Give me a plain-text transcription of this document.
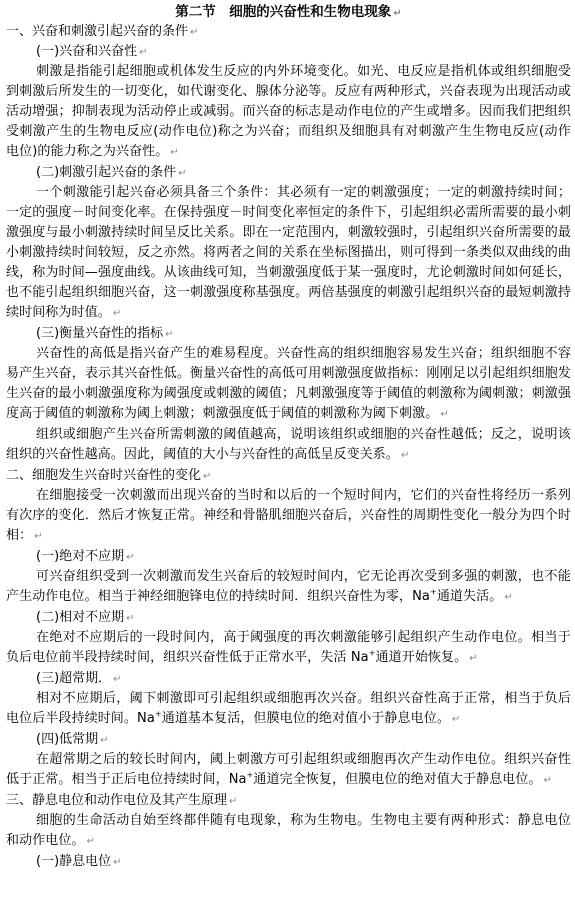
第二节　细胞的兴奋性和生物电现象 ↵
一、兴奋和刺激引起兴奋的条件 ↵
(一)兴奋和兴奋性 ↵

刺激是指能引起细胞或机体发生反应的内外环境变化。如光、电反应是指机体或组织细胞受到刺激后所发生的一切变化，如代谢变化、腺体分泌等。反应有两种形式，兴奋表现为出现活动或活动增强；抑制表现为活动停止或减弱。而兴奋的标志是动作电位的产生或增多。因而我们把组织受刺激产生的生物电反应(动作电位)称之为兴奋；而组织及细胞具有对刺激产生生物电反应(动作电位)的能力称之为兴奋性。 ↵

(二)刺激引起兴奋的条件 ↵

一个刺激能引起兴奋必须具备三个条件：其必须有一定的刺激强度；一定的刺激持续时间；一定的强度－时间变化率。在保持强度－时间变化率恒定的条件下，引起组织必需所需要的最小刺激强度与最小刺激持续时间呈反比关系。即在一定范围内，刺激较强时，引起组织兴奋所需要的最小刺激持续时间较短，反之亦然。将两者之间的关系在坐标图描出，则可得到一条类似双曲线的曲线，称为时间—强度曲线。从该曲线可知，当刺激强度低于某一强度时，尤论刺激时间如何延长，也不能引起组织细胞兴奋，这一刺激强度称基强度。两倍基强度的刺激引起组织兴奋的最短刺激持续时间称为时值。 ↵

(三)衡量兴奋性的指标 ↵

兴奋性的高低是指兴奋产生的难易程度。兴奋性高的组织细胞容易发生兴奋；组织细胞不容易产生兴奋，表示其兴奋性低。衡量兴奋性的高低可用刺激强度做指标：刚刚足以引起组织细胞发生兴奋的最小刺激强度称为阈强度或刺激的阈值；凡刺激强度等于阈值的刺激称为阈刺激；刺激强度高于阈值的刺激称为阈上刺激；刺激强度低于阈值的刺激称为阈下刺激。 ↵

组织或细胞产生兴奋所需刺激的阈值越高，说明该组织或细胞的兴奋性越低；反之，说明该组织的兴奋性越高。因此，阈值的大小与兴奋性的高低呈反变关系。 ↵

二、细胞发生兴奋时兴奋性的变化 ↵

在细胞接受一次刺激而出现兴奋的当时和以后的一个短时间内，它们的兴奋性将经历一系列有次序的变化．然后才恢复正常。神经和骨骼肌细胞兴奋后，兴奋性的周期性变化一般分为四个时相： ↵

(一)绝对不应期 ↵

可兴奋组织受到一次刺激而发生兴奋后的较短时间内，它无论再次受到多强的刺激，也不能产生动作电位。相当于神经细胞锋电位的持续时间．组织兴奋性为零，Na+通道失活。 ↵

(二)相对不应期 ↵

在绝对不应期后的一段时间内，高于阈强度的再次刺激能够引起组织产生动作电位。相当于负后电位前半段持续时间，组织兴奋性低于正常水平，失活 Na+通道开始恢复。 ↵

(三)超常期． ↵

相对不应期后，阈下刺激即可引起组织或细胞再次兴奋。组织兴奋性高于正常，相当于负后电位后半段持续时间。Na+通道基本复活，但膜电位的绝对值小于静息电位。 ↵

(四)低常期 ↵

在超常期之后的较长时间内，阈上刺激方可引起组织或细胞再次产生动作电位。组织兴奋性低于正常。相当于正后电位持续时间，Na+通道完全恢复，但膜电位的绝对值大于静息电位。 ↵

三、静息电位和动作电位及其产生原理 ↵

细胞的生命活动自始至终都伴随有电现象，称为生物电。生物电主要有两种形式：静息电位和动作电位。 ↵

(一)静息电位 ↵
